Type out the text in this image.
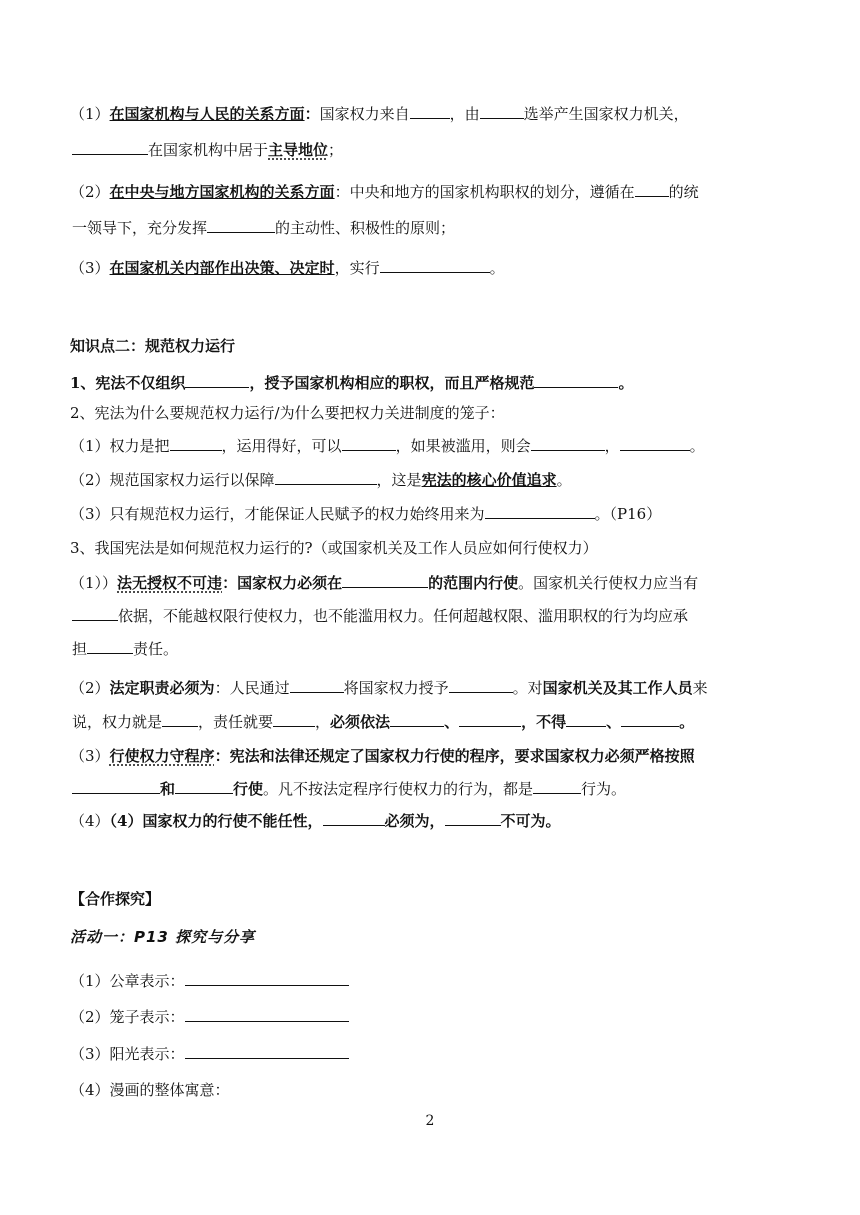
（1）在国家机构与人民的关系方面：国家权力来自	，由	选举产生国家权力机关，
在国家机构中居于主导地位；
（2）在中央与地方国家机构的关系方面：中央和地方的国家机构职权的划分，遵循在 的统
一领导下，充分发挥	的主动性、积极性的原则；
（3）在国家机关内部作出决策、决定时，实行	。
知识点二：规范权力运行
1、宪法不仅组织	，授予国家机构相应的职权，而且严格规范	。
2、宪法为什么要规范权力运行/为什么要把权力关进制度的笼子：
（1）权力是把	，运用得好，可以	，如果被滥用，则会	，	。
（2）规范国家权力运行以保障	，这是宪法的核心价值追求。
（3）只有规范权力运行，才能保证人民赋予的权力始终用来为	。（P16）
3、我国宪法是如何规范权力运行的?（或国家机关及工作人员应如何行使权力）
（1））法无授权不可违：国家权力必须在	的范围内行使。国家机关行使权力应当有
依据，不能越权限行使权力，也不能滥用权力。任何超越权限、滥用职权的行为均应承
担	责任。
（2）法定职责必须为：人民通过	将国家权力授予	。对国家机关及其工作人员来
说，权力就是 ，责任就要	，必须依法	、	，不得	、	。
（3）行使权力守程序：宪法和法律还规定了国家权力行使的程序，要求国家权力必须严格按照
和	行使。凡不按法定程序行使权力的行为，都是	行为。
（4）（4）国家权力的行使不能任性，	必须为，	不可为。
【合作探究】
活动一：P13 探究与分享
（1）公章表示：
（2）笼子表示：
（3）阳光表示：
（4）漫画的整体寓意：
2
